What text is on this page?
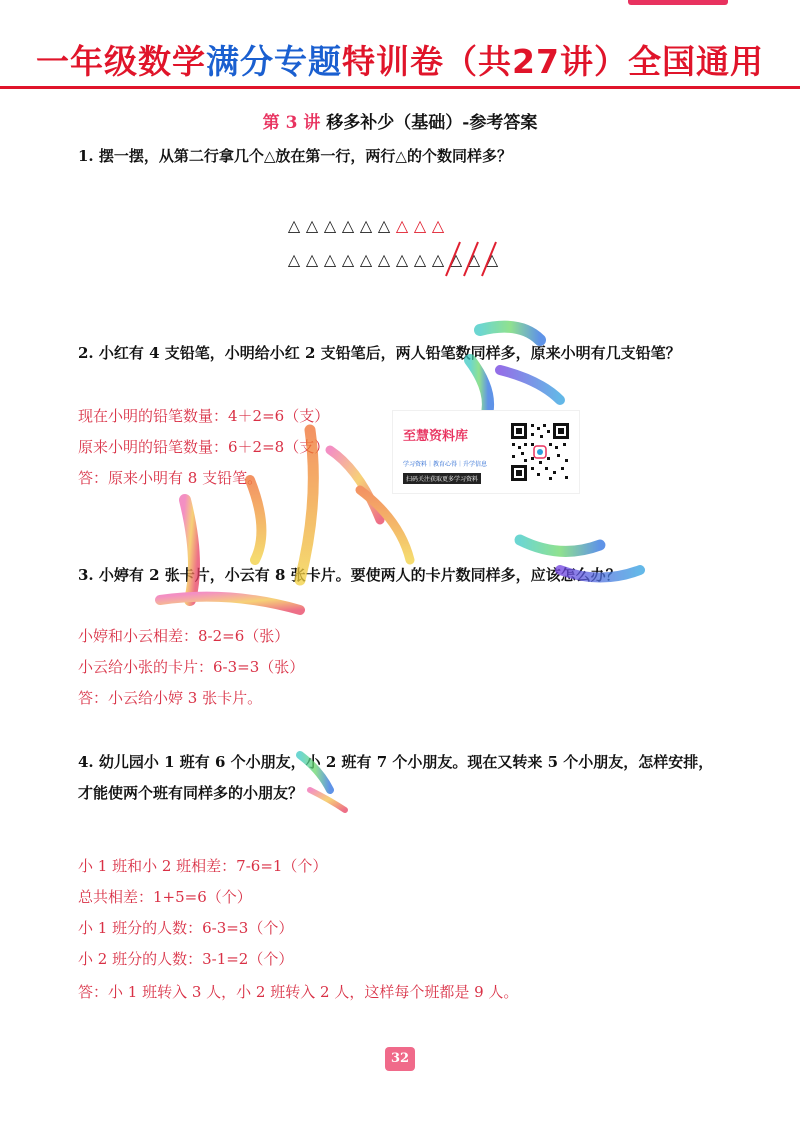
一年级数学满分专题特训卷（共27讲）全国通用
第 3 讲 移多补少（基础）-参考答案
1. 摆一摆，从第二行拿几个△放在第一行，两行△的个数同样多？
△ △ △ △ △ △ △ △ △
△ △ △ △ △ △ △ △ △ △ △ △
2. 小红有 4 支铅笔，小明给小红 2 支铅笔后，两人铅笔数同样多，原来小明有几支铅笔？
现在小明的铅笔数量：4＋2=6（支）
原来小明的铅笔数量：6＋2=8（支）
答：原来小明有 8 支铅笔。
3. 小婷有 2 张卡片，小云有 8 张卡片。要使两人的卡片数同样多，应该怎么办？
小婷和小云相差：8-2=6（张）
小云给小张的卡片：6-3=3（张）
答：小云给小婷 3 张卡片。
4. 幼儿园小 1 班有 6 个小朋友，小 2 班有 7 个小朋友。现在又转来 5 个小朋友，怎样安排，
才能使两个班有同样多的小朋友？
小 1 班和小 2 班相差：7-6=1（个）
总共相差：1+5=6（个）
小 1 班分的人数：6-3=3（个）
小 2 班分的人数：3-1=2（个）
答：小 1 班转入 3 人，小 2 班转入 2 人，这样每个班都是 9 人。
至慧资料库
学习资料｜教育心得｜升学信息
扫码关注获取更多学习资料
32
